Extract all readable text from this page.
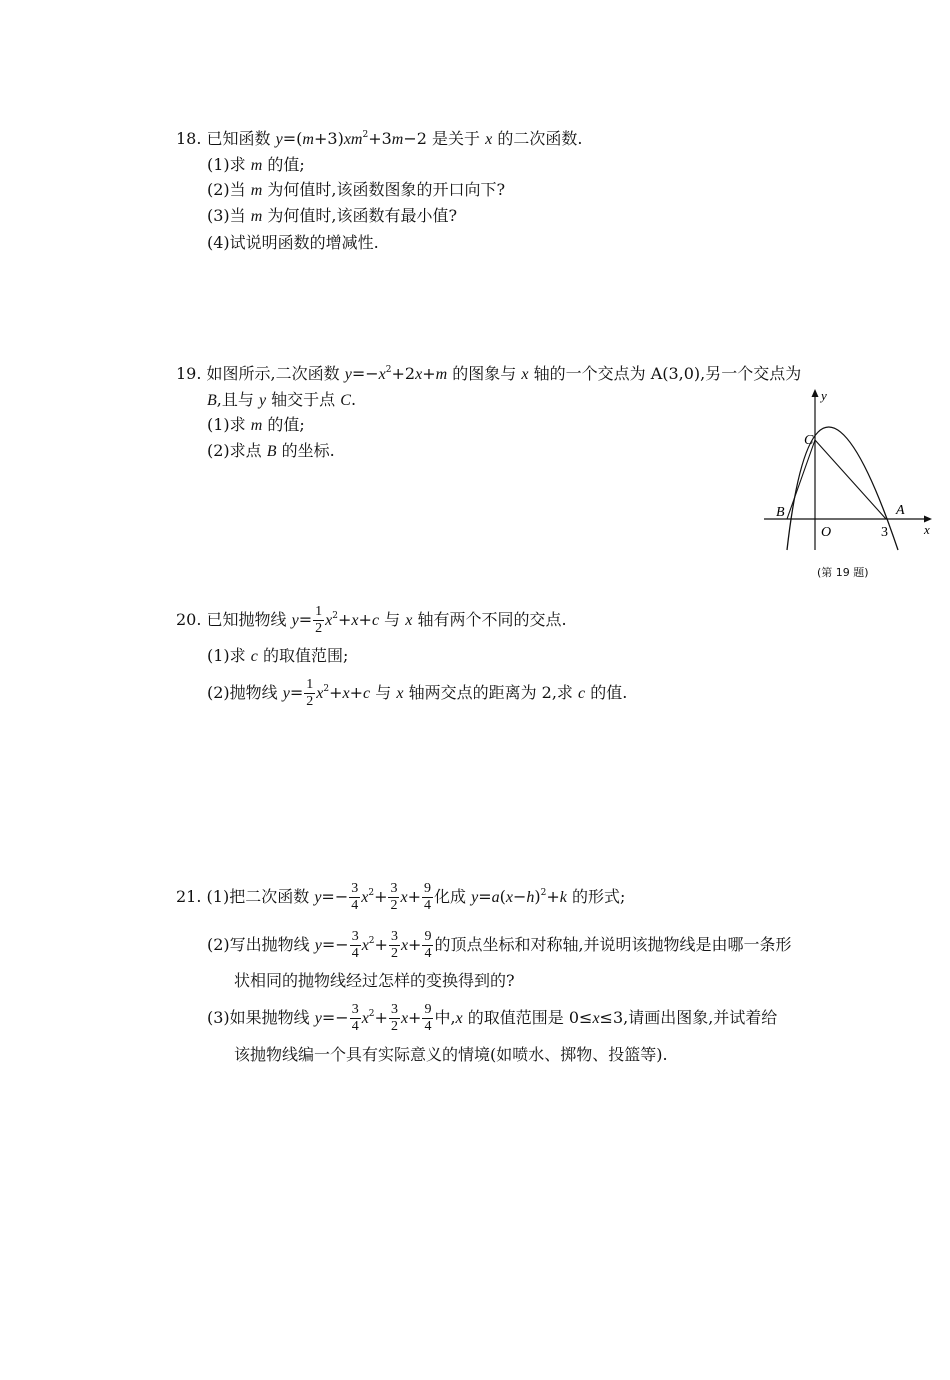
18. 已知函数 $y=(m+3)xm^2+3m-2$ 是关于 x 的二次函数.
(1)求 m 的值;
(2)当 m 为何值时,该函数图象的开口向下?
(3)当 m 为何值时,该函数有最小值?
(4)试说明函数的增减性.
19. 如图所示,二次函数 $y=-x^2+2x+m$ 的图象与 x 轴的一个交点为 A(3,0),另一个交点为
B,且与 y 轴交于点 C.
(1)求 m 的值;
(2)求点 B 的坐标.
y
x
C
B
O
A
3
(第 19 题)
20. 已知抛物线 $y= \frac{1}{2} x^2+x+c$ 与 x 轴有两个不同的交点.
(1)求 c 的取值范围;
(2)抛物线 $y= \frac{1}{2} x^2+x+c$ 与 x 轴两交点的距离为 2,求 c 的值.
21. (1)把二次函数 $y=- \frac{3}{4} x^2+ \frac{3}{2} x+ \frac{9}{4}$ 化成 $y=a(x-h)^2+k$ 的形式;
(2)写出抛物线 $y=- \frac{3}{4} x^2+ \frac{3}{2} x+ \frac{9}{4}$ 的顶点坐标和对称轴,并说明该抛物线是由哪一条形
状相同的抛物线经过怎样的变换得到的?
(3)如果抛物线 $y=- \frac{3}{4} x^2+ \frac{3}{2} x+ \frac{9}{4}$ 中,x 的取值范围是 0≤x≤3,请画出图象,并试着给
该抛物线编一个具有实际意义的情境(如喷水、掷物、投篮等).
